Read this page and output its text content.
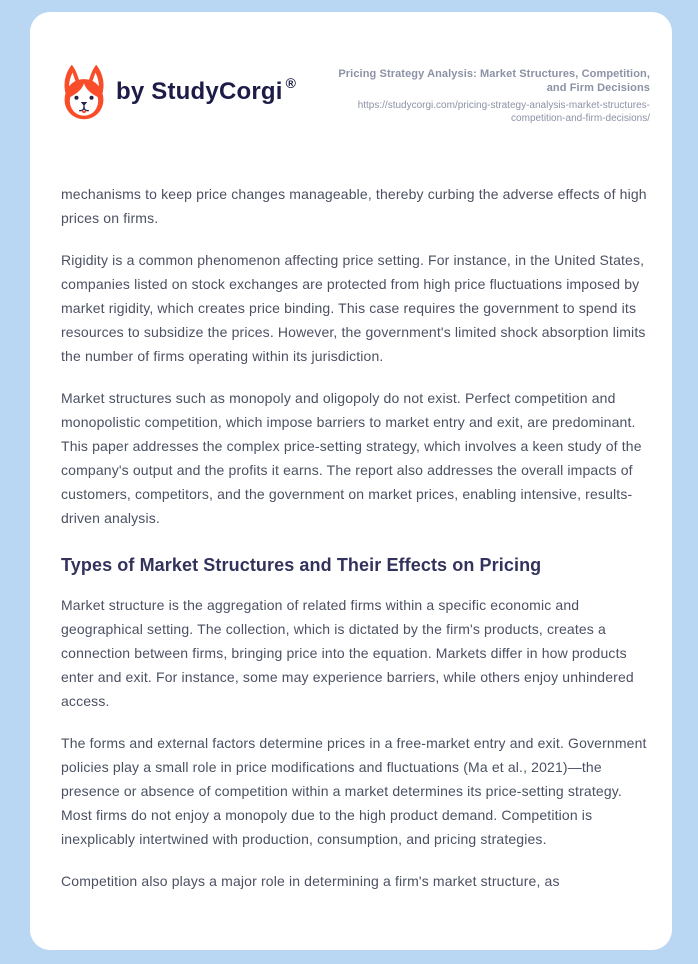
by StudyCorgi ®
Pricing Strategy Analysis: Market Structures, Competition, and Firm Decisions
https://studycorgi.com/pricing-strategy-analysis-market-structures-competition-and-firm-decisions/

mechanisms to keep price changes manageable, thereby curbing the adverse effects of high prices on firms.

Rigidity is a common phenomenon affecting price setting. For instance, in the United States, companies listed on stock exchanges are protected from high price fluctuations imposed by market rigidity, which creates price binding. This case requires the government to spend its resources to subsidize the prices. However, the government's limited shock absorption limits the number of firms operating within its jurisdiction.

Market structures such as monopoly and oligopoly do not exist. Perfect competition and monopolistic competition, which impose barriers to market entry and exit, are predominant. This paper addresses the complex price-setting strategy, which involves a keen study of the company's output and the profits it earns. The report also addresses the overall impacts of customers, competitors, and the government on market prices, enabling intensive, results-driven analysis.

Types of Market Structures and Their Effects on Pricing

Market structure is the aggregation of related firms within a specific economic and geographical setting. The collection, which is dictated by the firm's products, creates a connection between firms, bringing price into the equation. Markets differ in how products enter and exit. For instance, some may experience barriers, while others enjoy unhindered access.

The forms and external factors determine prices in a free-market entry and exit. Government policies play a small role in price modifications and fluctuations (Ma et al., 2021)—the presence or absence of competition within a market determines its price-setting strategy. Most firms do not enjoy a monopoly due to the high product demand. Competition is inexplicably intertwined with production, consumption, and pricing strategies.

Competition also plays a major role in determining a firm's market structure, as
